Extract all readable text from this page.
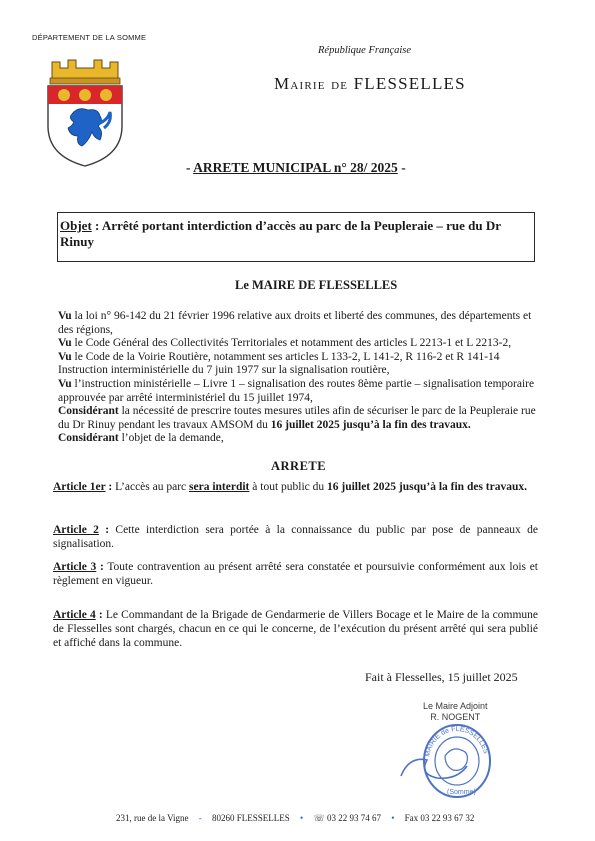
DÉPARTEMENT DE LA SOMME
République Française
MAIRIE DE FLESSELLES
- ARRETE MUNICIPAL n° 28/ 2025 -
Objet : Arrêté portant interdiction d’accès au parc de la Peupleraie – rue du Dr Rinuy
Le MAIRE DE FLESSELLES

Vu la loi n° 96-142 du 21 février 1996 relative aux droits et liberté des communes, des départements et des régions,

Vu le Code Général des Collectivités Territoriales et notamment des articles L 2213-1 et L 2213-2,

Vu le Code de la Voirie Routière, notamment ses articles L 133-2, L 141-2, R 116-2 et R 141-14 Instruction interministérielle du 7 juin 1977 sur la signalisation routière,

Vu l’instruction ministérielle – Livre 1 – signalisation des routes 8ème partie – signalisation temporaire approuvée par arrêté interministériel du 15 juillet 1974,

Considérant la nécessité de prescrire toutes mesures utiles afin de sécuriser le parc de la Peupleraie rue du Dr Rinuy pendant les travaux AMSOM du 16 juillet 2025 jusqu’à la fin des travaux.

Considérant l’objet de la demande,

ARRETE
Article 1er : L’accès au parc sera interdit à tout public du 16 juillet 2025 jusqu’à la fin des travaux.
Article 2 : Cette interdiction sera portée à la connaissance du public par pose de panneaux de signalisation.
Article 3 : Toute contravention au présent arrêté sera constatée et poursuivie conformément aux lois et règlement en vigueur.
Article 4 : Le Commandant de la Brigade de Gendarmerie de Villers Bocage et le Maire de la commune de Flesselles sont chargés, chacun en ce qui le concerne, de l’exécution du présent arrêté qui sera publié et affiché dans la commune.
Fait à Flesselles, 15 juillet 2025
Le Maire Adjoint
R. NOGENT
MAIRIE de FLESSELLES
(Somme)
231, rue de la Vigne - 80260 FLESSELLES • ☏ 03 22 93 74 67 • Fax 03 22 93 67 32
